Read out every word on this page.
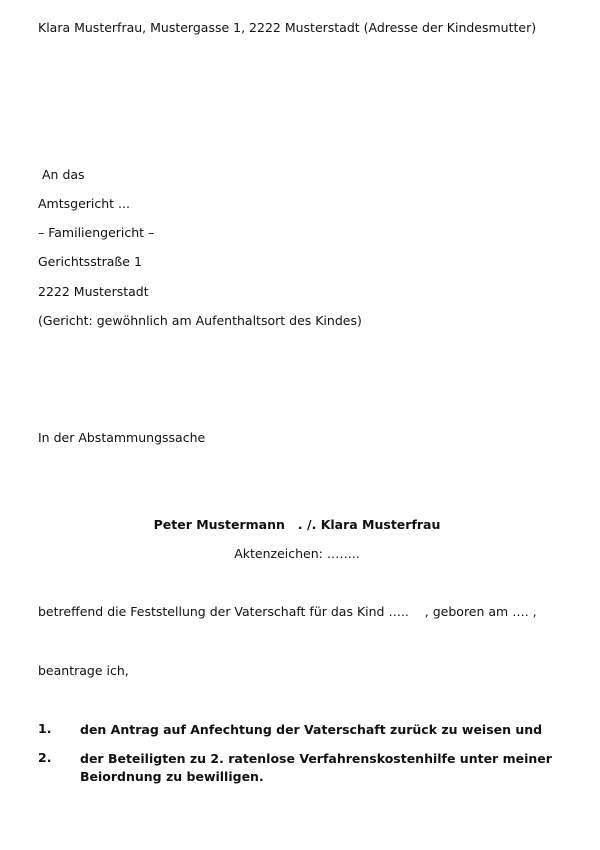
Klara Musterfrau, Mustergasse 1, 2222 Musterstadt (Adresse der Kindesmutter)
An das
Amtsgericht ...
– Familiengericht –
Gerichtsstraße 1
2222 Musterstadt
(Gericht: gewöhnlich am Aufenthaltsort des Kindes)
In der Abstammungssache
Peter Mustermann   . /. Klara Musterfrau
Aktenzeichen: ……..
betreffend die Feststellung der Vaterschaft für das Kind …..    , geboren am …. ,
beantrage ich,
1. den Antrag auf Anfechtung der Vaterschaft zurück zu weisen und
2. der Beteiligten zu 2. ratenlose Verfahrenskostenhilfe unter meiner Beiordnung zu bewilligen.
